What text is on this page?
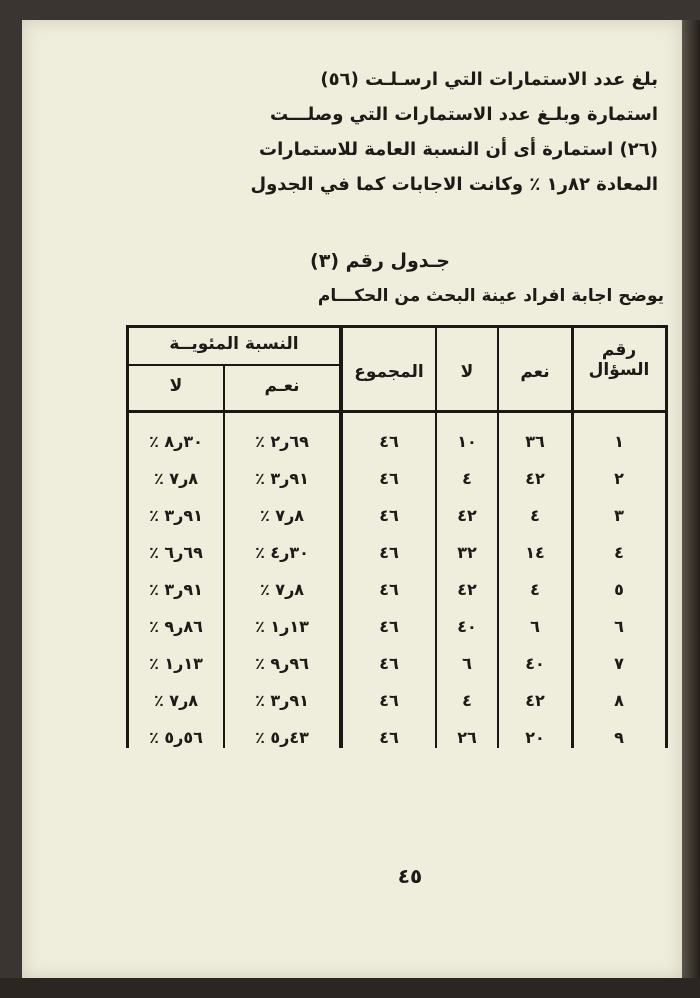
بلغ عدد الاستمارات التي ارسـلـت (٥٦)
استمارة وبلـغ عدد الاستمارات التي وصلـــت
(٢٦) استمارة أى أن النسبة العامة للاستمارات
المعادة ٨٢ر١ ٪ وكانت الاجابات كما في الجدول
جـدول رقم (٣)
يوضح اجابة افراد عينة البحث من الحكـــام
رقم
السؤال
نعم
لا
المجموع
النسبة المئويــة
نعـم
لا
١
٣٦
١٠
٤٦
٦٩ر٢ ٪
٣٠ر٨ ٪
٢
٤٢
٤
٤٦
٩١ر٣ ٪
٨ر٧ ٪
٣
٤
٤٢
٤٦
٨ر٧ ٪
٩١ر٣ ٪
٤
١٤
٣٢
٤٦
٣٠ر٤ ٪
٦٩ر٦ ٪
٥
٤
٤٢
٤٦
٨ر٧ ٪
٩١ر٣ ٪
٦
٦
٤٠
٤٦
١٣ر١ ٪
٨٦ر٩ ٪
٧
٤٠
٦
٤٦
٩٦ر٩ ٪
١٣ر١ ٪
٨
٤٢
٤
٤٦
٩١ر٣ ٪
٨ر٧ ٪
٩
٢٠
٢٦
٤٦
٤٣ر٥ ٪
٥٦ر٥ ٪
٤٥
